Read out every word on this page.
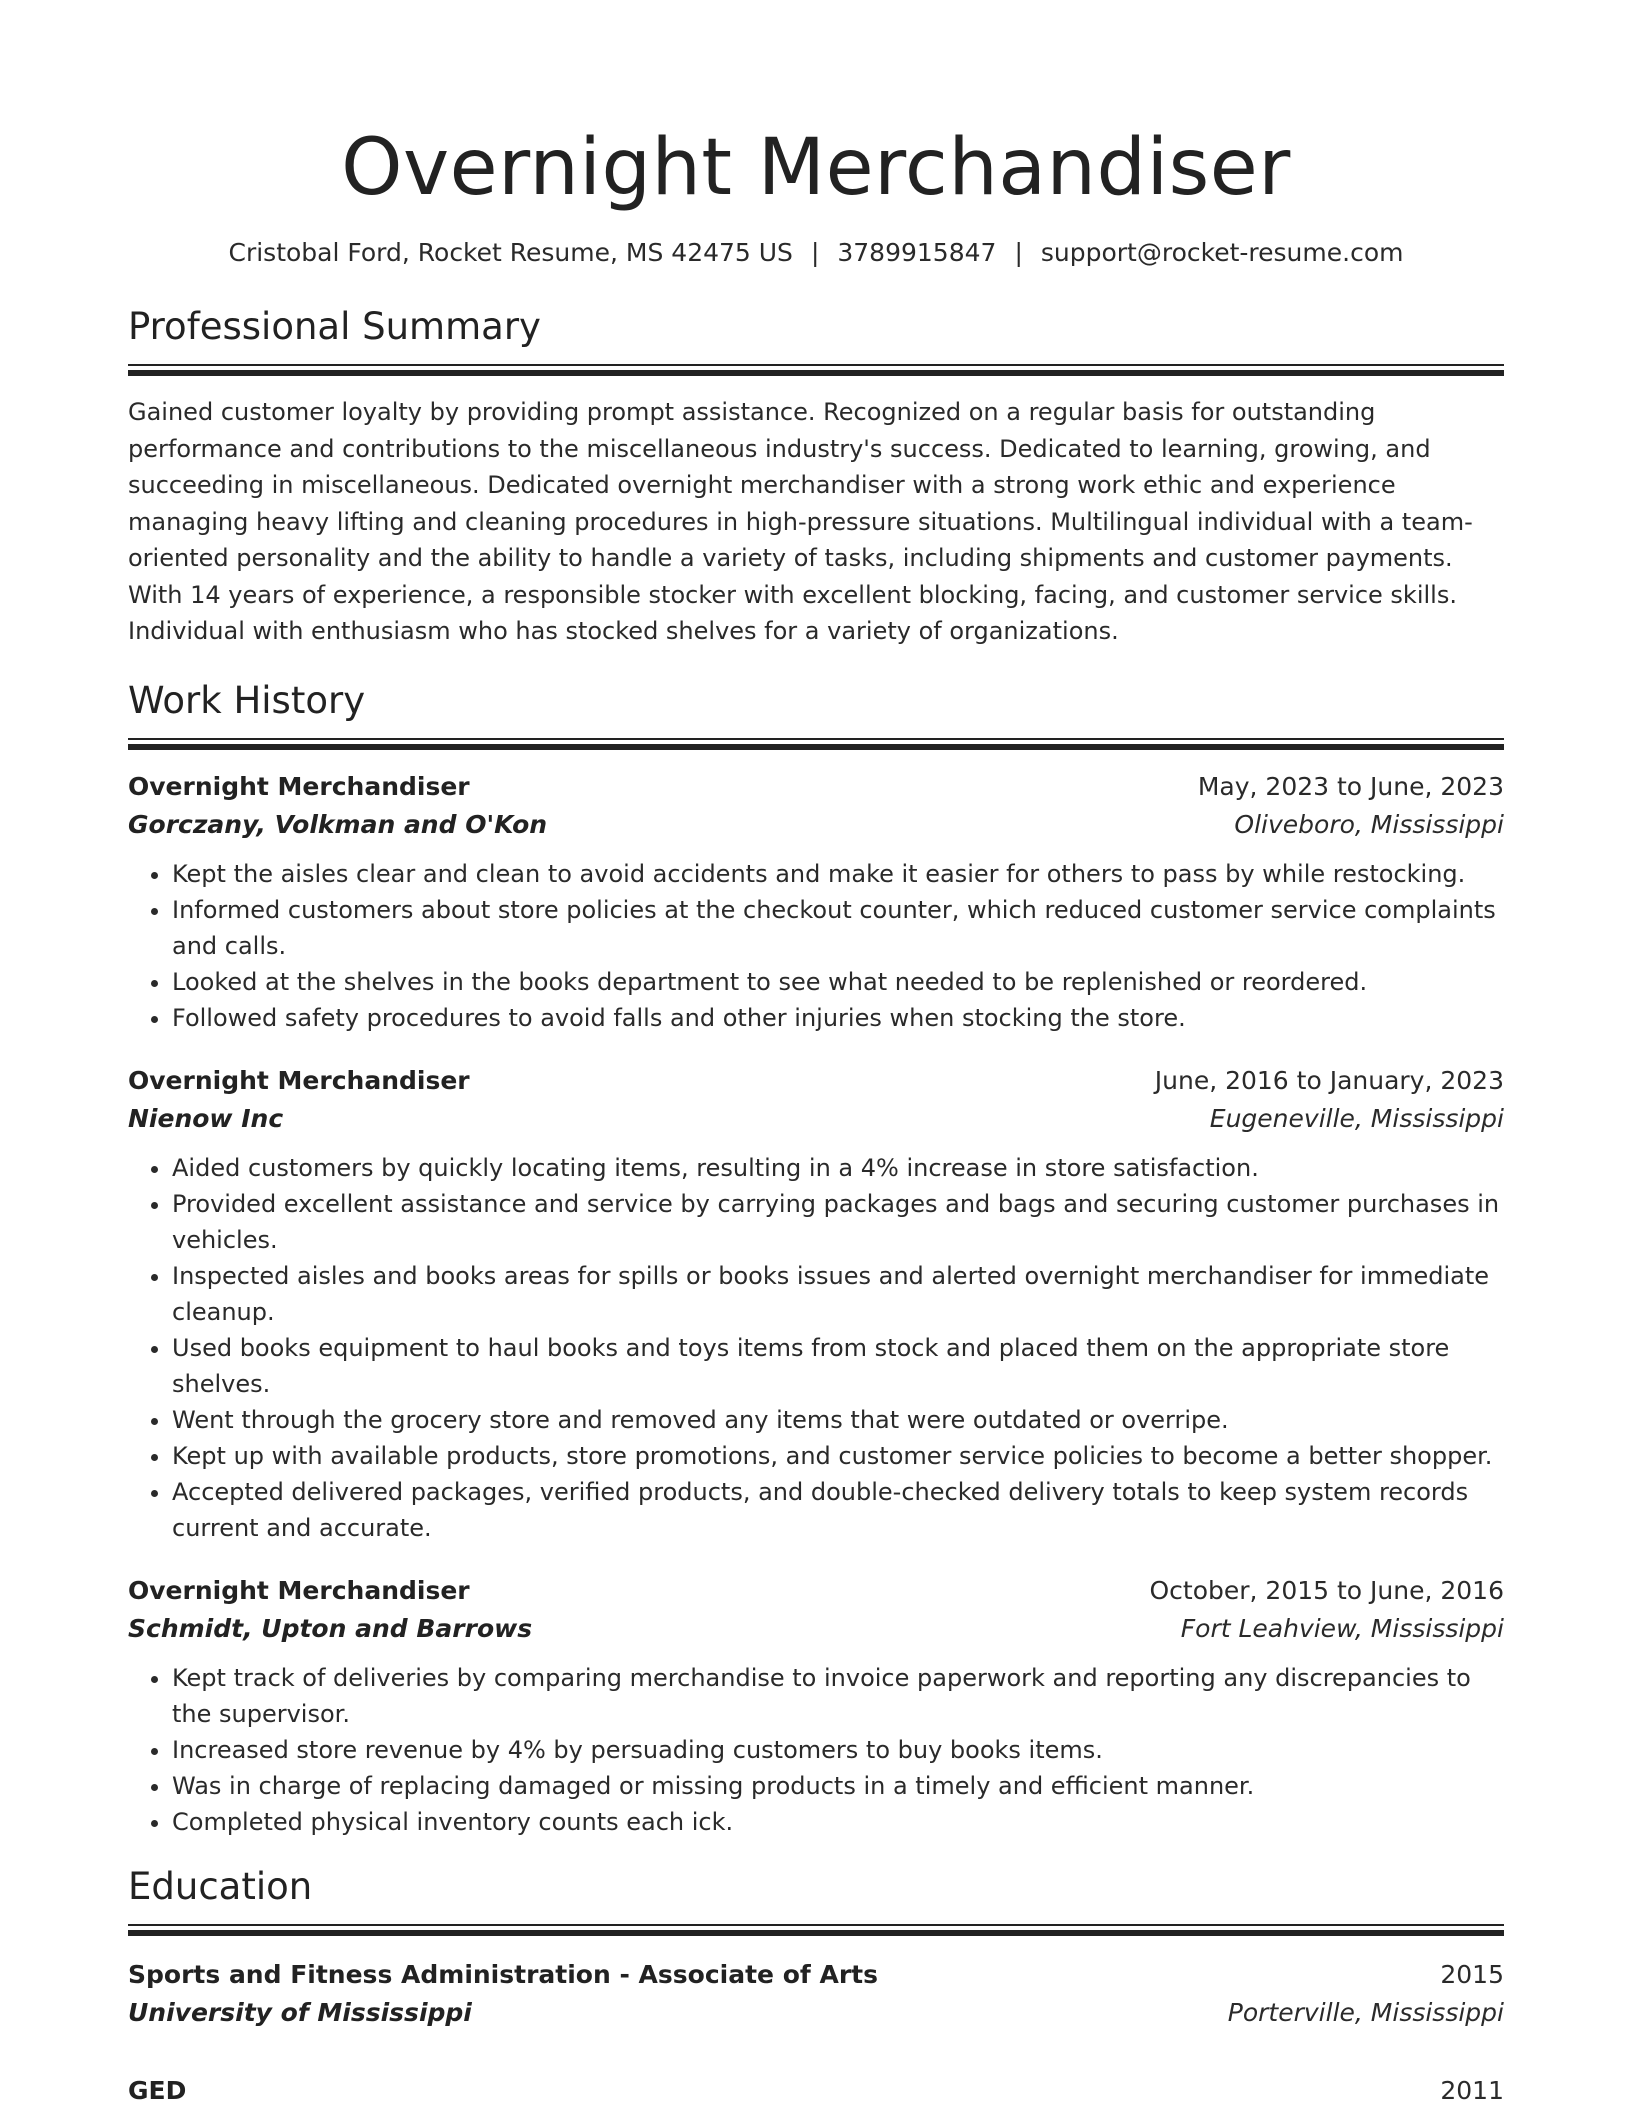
Overnight Merchandiser
Cristobal Ford, Rocket Resume, MS 42475 US | 3789915847 | support@rocket-resume.com
Professional Summary

Gained customer loyalty by providing prompt assistance. Recognized on a regular basis for outstanding performance and contributions to the miscellaneous industry's success. Dedicated to learning, growing, and succeeding in miscellaneous. Dedicated overnight merchandiser with a strong work ethic and experience managing heavy lifting and cleaning procedures in high-pressure situations. Multilingual individual with a team-oriented personality and the ability to handle a variety of tasks, including shipments and customer payments. With 14 years of experience, a responsible stocker with excellent blocking, facing, and customer service skills. Individual with enthusiasm who has stocked shelves for a variety of organizations.

Work History
Overnight Merchandiser	May, 2023 to June, 2023
Gorczany, Volkman and O'Kon	Oliveboro, Mississippi
• Kept the aisles clear and clean to avoid accidents and make it easier for others to pass by while restocking.
• Informed customers about store policies at the checkout counter, which reduced customer service complaints and calls.
• Looked at the shelves in the books department to see what needed to be replenished or reordered.
• Followed safety procedures to avoid falls and other injuries when stocking the store.
Overnight Merchandiser	June, 2016 to January, 2023
Nienow Inc	Eugeneville, Mississippi
• Aided customers by quickly locating items, resulting in a 4% increase in store satisfaction.
• Provided excellent assistance and service by carrying packages and bags and securing customer purchases in vehicles.
• Inspected aisles and books areas for spills or books issues and alerted overnight merchandiser for immediate cleanup.
• Used books equipment to haul books and toys items from stock and placed them on the appropriate store shelves.
• Went through the grocery store and removed any items that were outdated or overripe.
• Kept up with available products, store promotions, and customer service policies to become a better shopper.
• Accepted delivered packages, verified products, and double-checked delivery totals to keep system records current and accurate.
Overnight Merchandiser	October, 2015 to June, 2016
Schmidt, Upton and Barrows	Fort Leahview, Mississippi
• Kept track of deliveries by comparing merchandise to invoice paperwork and reporting any discrepancies to the supervisor.
• Increased store revenue by 4% by persuading customers to buy books items.
• Was in charge of replacing damaged or missing products in a timely and efficient manner.
• Completed physical inventory counts each ick.
Education
Sports and Fitness Administration - Associate of Arts	2015
University of Mississippi	Porterville, Mississippi
GED	2011
